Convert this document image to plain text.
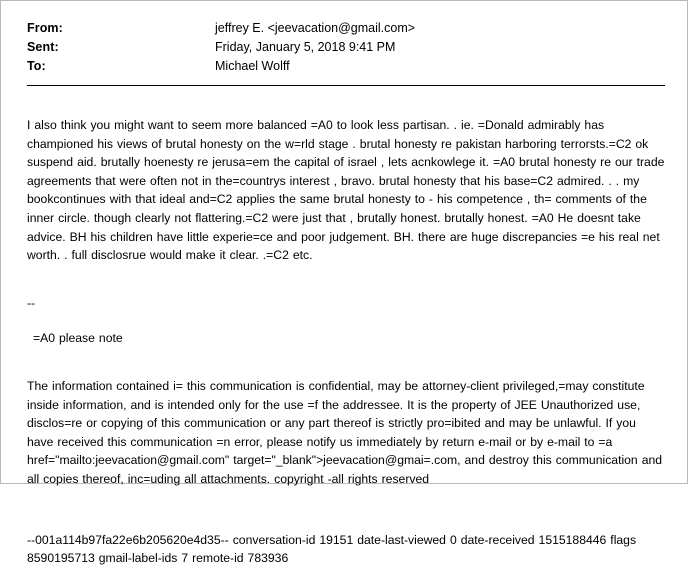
From:	jeffrey E. <jeevacation@gmail.com>
Sent:	Friday, January 5, 2018 9:41 PM
To:	Michael Wolff

I also think you might want to seem more balanced =A0 to look less partisan. . ie. =Donald admirably has championed his views of brutal honesty on the w=rld stage . brutal honesty re pakistan harboring terrorsts.=C2 ok suspend aid. brutally hoenesty re jerusa=em the capital of israel , lets acnkowlege it. =A0 brutal honesty re our trade agreements that were often not in the=countrys interest , bravo. brutal honesty that his base=C2 admired. . . my bookcontinues with that ideal and=C2 applies the same brutal honesty to - his competence , th= comments of the inner circle. though clearly not flattering.=C2 were just that , brutally honest. brutally honest. =A0 He doesnt take advice. BH his children have little experie=ce and poor judgement. BH. there are huge discrepancies =e his real net worth. . full disclosrue would make it clear. .=C2 etc.

--
=A0 please note

The information contained i= this communication is confidential, may be attorney-client privileged,=may constitute inside information, and is intended only for the use =f the addressee. It is the property of JEE Unauthorized use, disclos=re or copying of this communication or any part thereof is strictly pro=ibited and may be unlawful. If you have received this communication =n error, please notify us immediately by return e-mail or by e-mail to =a href="mailto:jeevacation@gmail.com" target="_blank">jeevacation@gmai=.com, and destroy this communication and all copies thereof, inc=uding all attachments. copyright -all rights reserved

--001a114b97fa22e6b205620e4d35-- conversation-id 19151 date-last-viewed 0 date-received 1515188446 flags 8590195713 gmail-label-ids 7 remote-id 783936
